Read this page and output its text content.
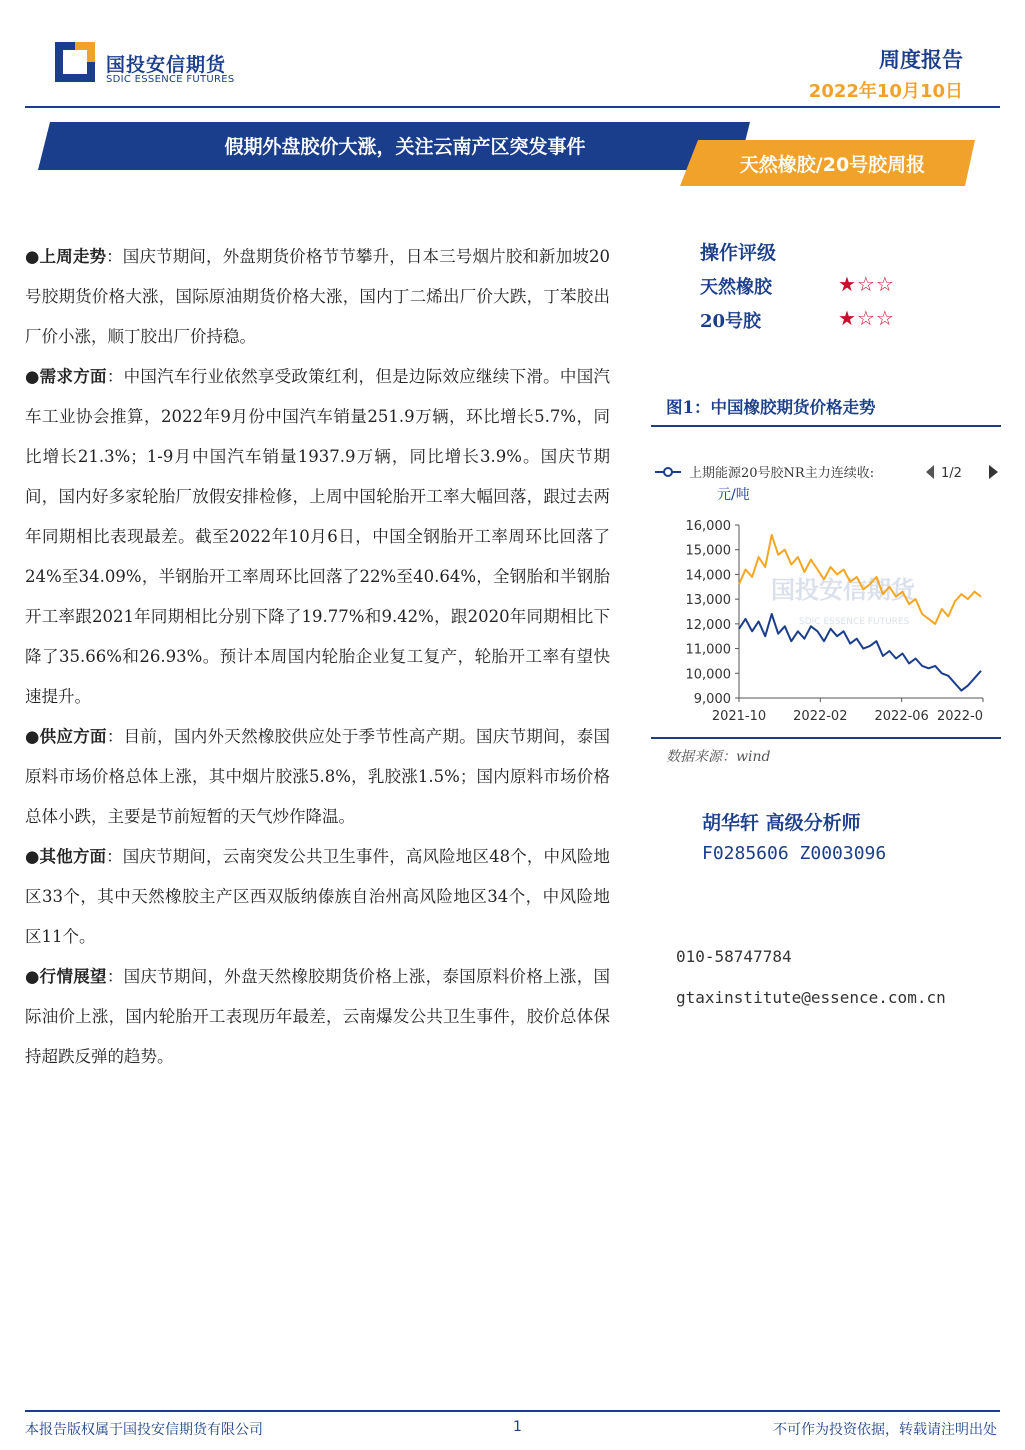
国投安信期货
SDIC ESSENCE FUTURES
周度报告
2022年10月10日
假期外盘胶价大涨，关注云南产区突发事件
天然橡胶/20号胶周报

●上周走势：国庆节期间，外盘期货价格节节攀升，日本三号烟片胶和新加坡20号胶期货价格大涨，国际原油期货价格大涨，国内丁二烯出厂价大跌，丁苯胶出厂价小涨，顺丁胶出厂价持稳。

●需求方面：中国汽车行业依然享受政策红利，但是边际效应继续下滑。中国汽车工业协会推算，2022年9月份中国汽车销量251.9万辆，环比增长5.7%，同比增长21.3%；1-9月中国汽车销量1937.9万辆，同比增长3.9%。国庆节期间，国内好多家轮胎厂放假安排检修，上周中国轮胎开工率大幅回落，跟过去两年同期相比表现最差。截至2022年10月6日，中国全钢胎开工率周环比回落了24%至34.09%，半钢胎开工率周环比回落了22%至40.64%，全钢胎和半钢胎开工率跟2021年同期相比分别下降了19.77%和9.42%，跟2020年同期相比下降了35.66%和26.93%。预计本周国内轮胎企业复工复产，轮胎开工率有望快速提升。

●供应方面：目前，国内外天然橡胶供应处于季节性高产期。国庆节期间，泰国原料市场价格总体上涨，其中烟片胶涨5.8%，乳胶涨1.5%；国内原料市场价格总体小跌，主要是节前短暂的天气炒作降温。

●其他方面：国庆节期间，云南突发公共卫生事件，高风险地区48个，中风险地区33个，其中天然橡胶主产区西双版纳傣族自治州高风险地区34个，中风险地区11个。

●行情展望：国庆节期间，外盘天然橡胶期货价格上涨，泰国原料价格上涨，国际油价上涨，国内轮胎开工表现历年最差，云南爆发公共卫生事件，胶价总体保持超跌反弹的趋势。

操作评级
天然橡胶	★☆☆
20号胶	★☆☆
图1：中国橡胶期货价格走势
上期能源20号胶NR主力连续收:	1/2
元/吨
国投安信期货
SDIC ESSENCE FUTURES
16,000
15,000
14,000
13,000
12,000
11,000
10,000
9,000
2021-10 2022-02 2022-06 2022-0
数据来源：wind
胡华轩 高级分析师
F0285606 Z0003096
010-58747784
gtaxinstitute@essence.com.cn
本报告版权属于国投安信期货有限公司	1	不可作为投资依据，转载请注明出处
